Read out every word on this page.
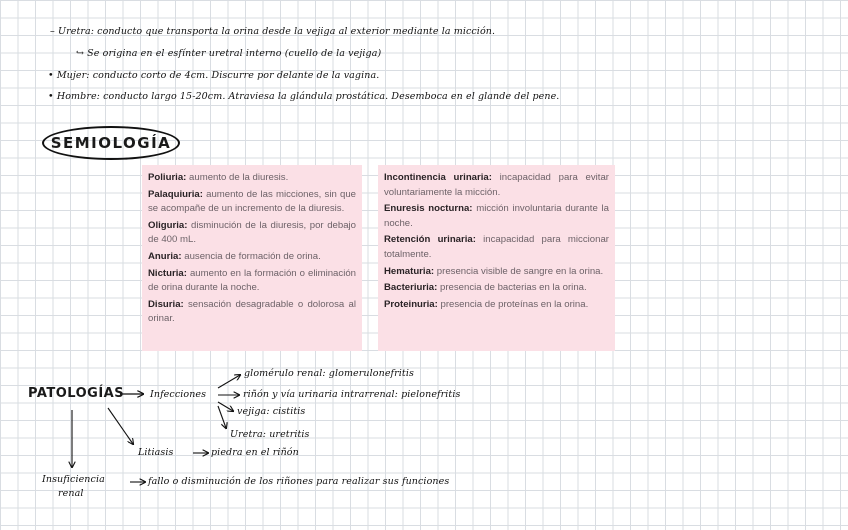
– Uretra: conducto que transporta la orina desde la vejiga al exterior mediante la micción.
↪ Se origina en el esfínter uretral interno (cuello de la vejiga)
• Mujer: conducto corto de 4cm. Discurre por delante de la vagina.
• Hombre: conducto largo 15-20cm. Atraviesa la glándula prostática. Desemboca en el glande del pene.
SEMIOLOGÍA
Poliuria: aumento de la diuresis.
Palaquiuria: aumento de las micciones, sin que se acompañe de un incremento de la diuresis.
Oliguria: disminución de la diuresis, por debajo de 400 mL.
Anuria: ausencia de formación de orina.
Nicturia: aumento en la formación o eliminación de orina durante la noche.
Disuria: sensación desagradable o dolorosa al orinar.
Incontinencia urinaria: incapacidad para evitar voluntariamente la micción.
Enuresis nocturna: micción involuntaria durante la noche.
Retención urinaria: incapacidad para miccionar totalmente.
Hematuria: presencia visible de sangre en la orina.
Bacteriuria: presencia de bacterias en la orina.
Proteinuria: presencia de proteínas en la orina.
PATOLOGÍAS	Infecciones
glomérulo renal: glomerulonefritis
riñón y vía urinaria intrarrenal: pielonefritis
vejiga: cistitis
Uretra: uretritis
Litiasis	piedra en el riñón
Insuficiencia
renal
fallo o disminución de los riñones para realizar sus funciones
